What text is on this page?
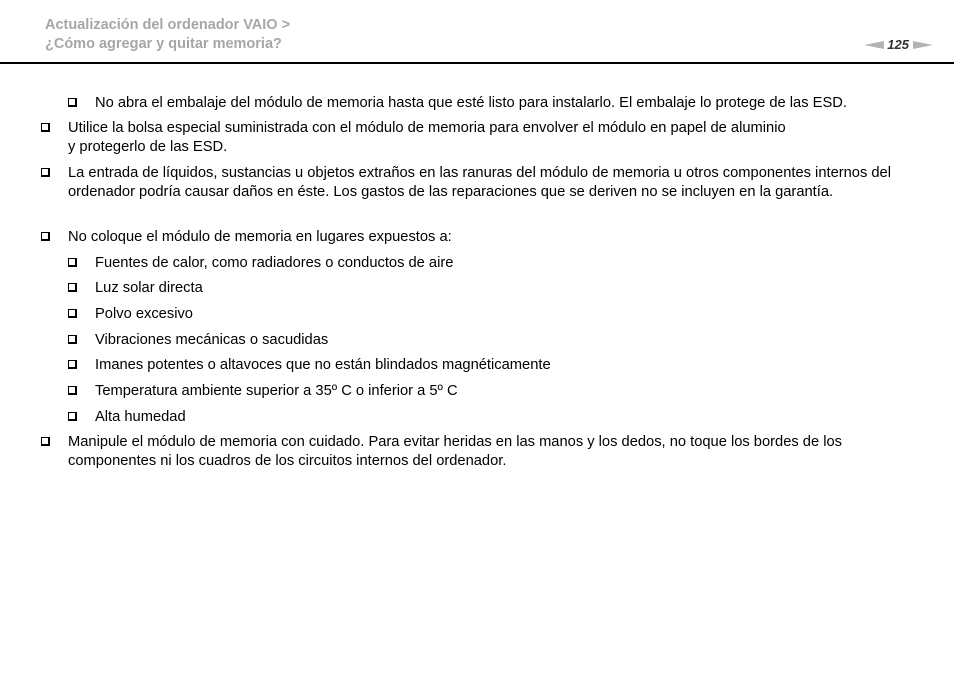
Actualización del ordenador VAIO >
¿Cómo agregar y quitar memoria?	125
No abra el embalaje del módulo de memoria hasta que esté listo para instalarlo. El embalaje lo protege de las ESD.
Utilice la bolsa especial suministrada con el módulo de memoria para envolver el módulo en papel de aluminio
y protegerlo de las ESD.
La entrada de líquidos, sustancias u objetos extraños en las ranuras del módulo de memoria u otros componentes internos del ordenador podría causar daños en éste. Los gastos de las reparaciones que se deriven no se incluyen en la garantía.
No coloque el módulo de memoria en lugares expuestos a:
Fuentes de calor, como radiadores o conductos de aire
Luz solar directa
Polvo excesivo
Vibraciones mecánicas o sacudidas
Imanes potentes o altavoces que no están blindados magnéticamente
Temperatura ambiente superior a 35º C o inferior a 5º C
Alta humedad
Manipule el módulo de memoria con cuidado. Para evitar heridas en las manos y los dedos, no toque los bordes de los componentes ni los cuadros de los circuitos internos del ordenador.
